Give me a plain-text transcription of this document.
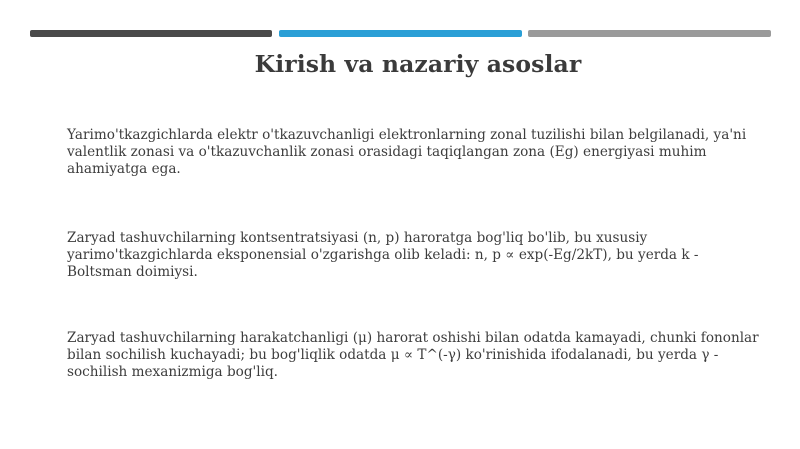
Kirish va nazariy asoslar

Yarimo'tkazgichlarda elektr o'tkazuvchanligi elektronlarning zonal tuzilishi bilan belgilanadi, ya'ni valentlik zonasi va o'tkazuvchanlik zonasi orasidagi taqiqlangan zona (Eg) energiyasi muhim ahamiyatga ega.

Zaryad tashuvchilarning kontsentratsiyasi (n, p) haroratga bog'liq bo'lib, bu xususiy yarimo'tkazgichlarda eksponensial o'zgarishga olib keladi: n, p ∝ exp(-Eg/2kT), bu yerda k - Boltsman doimiysi.

Zaryad tashuvchilarning harakatchanligi (μ) harorat oshishi bilan odatda kamayadi, chunki fononlar bilan sochilish kuchayadi; bu bog'liqlik odatda μ ∝ T^(-γ) ko'rinishida ifodalanadi, bu yerda γ - sochilish mexanizmiga bog'liq.
